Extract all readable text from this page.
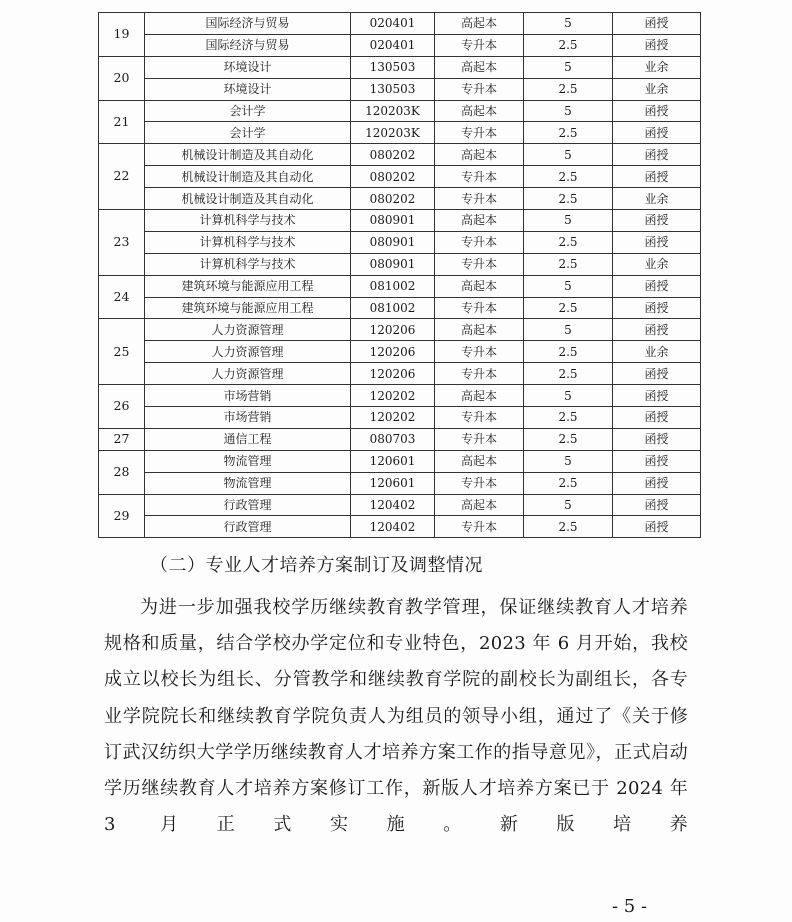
19	国际经济与贸易	020401	高起本	5	函授
	国际经济与贸易	020401	专升本	2.5	函授
20	环境设计	130503	高起本	5	业余
	环境设计	130503	专升本	2.5	业余
21	会计学	120203K	高起本	5	函授
	会计学	120203K	专升本	2.5	函授
22	机械设计制造及其自动化	080202	高起本	5	函授
	机械设计制造及其自动化	080202	专升本	2.5	函授
	机械设计制造及其自动化	080202	专升本	2.5	业余
23	计算机科学与技术	080901	高起本	5	函授
	计算机科学与技术	080901	专升本	2.5	函授
	计算机科学与技术	080901	专升本	2.5	业余
24	建筑环境与能源应用工程	081002	高起本	5	函授
	建筑环境与能源应用工程	081002	专升本	2.5	函授
25	人力资源管理	120206	高起本	5	函授
	人力资源管理	120206	专升本	2.5	业余
	人力资源管理	120206	专升本	2.5	函授
26	市场营销	120202	高起本	5	函授
	市场营销	120202	专升本	2.5	函授
27	通信工程	080703	专升本	2.5	函授
28	物流管理	120601	高起本	5	函授
	物流管理	120601	专升本	2.5	函授
29	行政管理	120402	高起本	5	函授
	行政管理	120402	专升本	2.5	函授

（二）专业人才培养方案制订及调整情况

为进一步加强我校学历继续教育教学管理，保证继续教育人才培养规格和质量，结合学校办学定位和专业特色，2023 年 6 月开始，我校成立以校长为组长、分管教学和继续教育学院的副校长为副组长，各专业学院院长和继续教育学院负责人为组员的领导小组，通过了《关于修订武汉纺织大学学历继续教育人才培养方案工作的指导意见》，正式启动学历继续教育人才培养方案修订工作，新版人才培养方案已于 2024 年 3 月正式实施。新版培养

- 5 -
